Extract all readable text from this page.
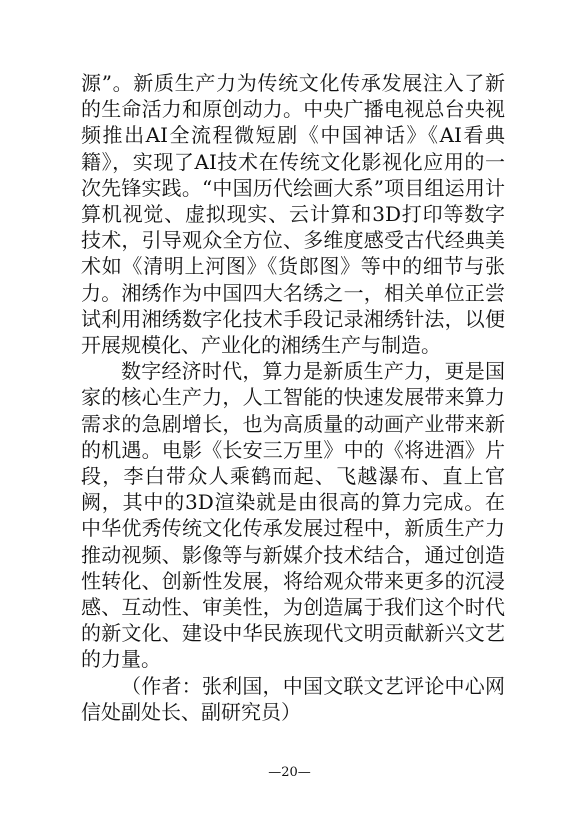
源”。新质生产力为传统文化传承发展注入了新的生命活力和原创动力。中央广播电视总台央视频推出AI全流程微短剧《中国神话》《AI看典籍》，实现了AI技术在传统文化影视化应用的一次先锋实践。“中国历代绘画大系”项目组运用计算机视觉、虚拟现实、云计算和3D打印等数字技术，引导观众全方位、多维度感受古代经典美术如《清明上河图》《货郎图》等中的细节与张力。湘绣作为中国四大名绣之一，相关单位正尝试利用湘绣数字化技术手段记录湘绣针法，以便开展规模化、产业化的湘绣生产与制造。

数字经济时代，算力是新质生产力，更是国家的核心生产力，人工智能的快速发展带来算力需求的急剧增长，也为高质量的动画产业带来新的机遇。电影《长安三万里》中的《将进酒》片段，李白带众人乘鹤而起、飞越瀑布、直上官阙，其中的3D渲染就是由很高的算力完成。在中华优秀传统文化传承发展过程中，新质生产力推动视频、影像等与新媒介技术结合，通过创造性转化、创新性发展，将给观众带来更多的沉浸感、互动性、审美性，为创造属于我们这个时代的新文化、建设中华民族现代文明贡献新兴文艺的力量。

（作者：张利国，中国文联文艺评论中心网信处副处长、副研究员）

—20—
